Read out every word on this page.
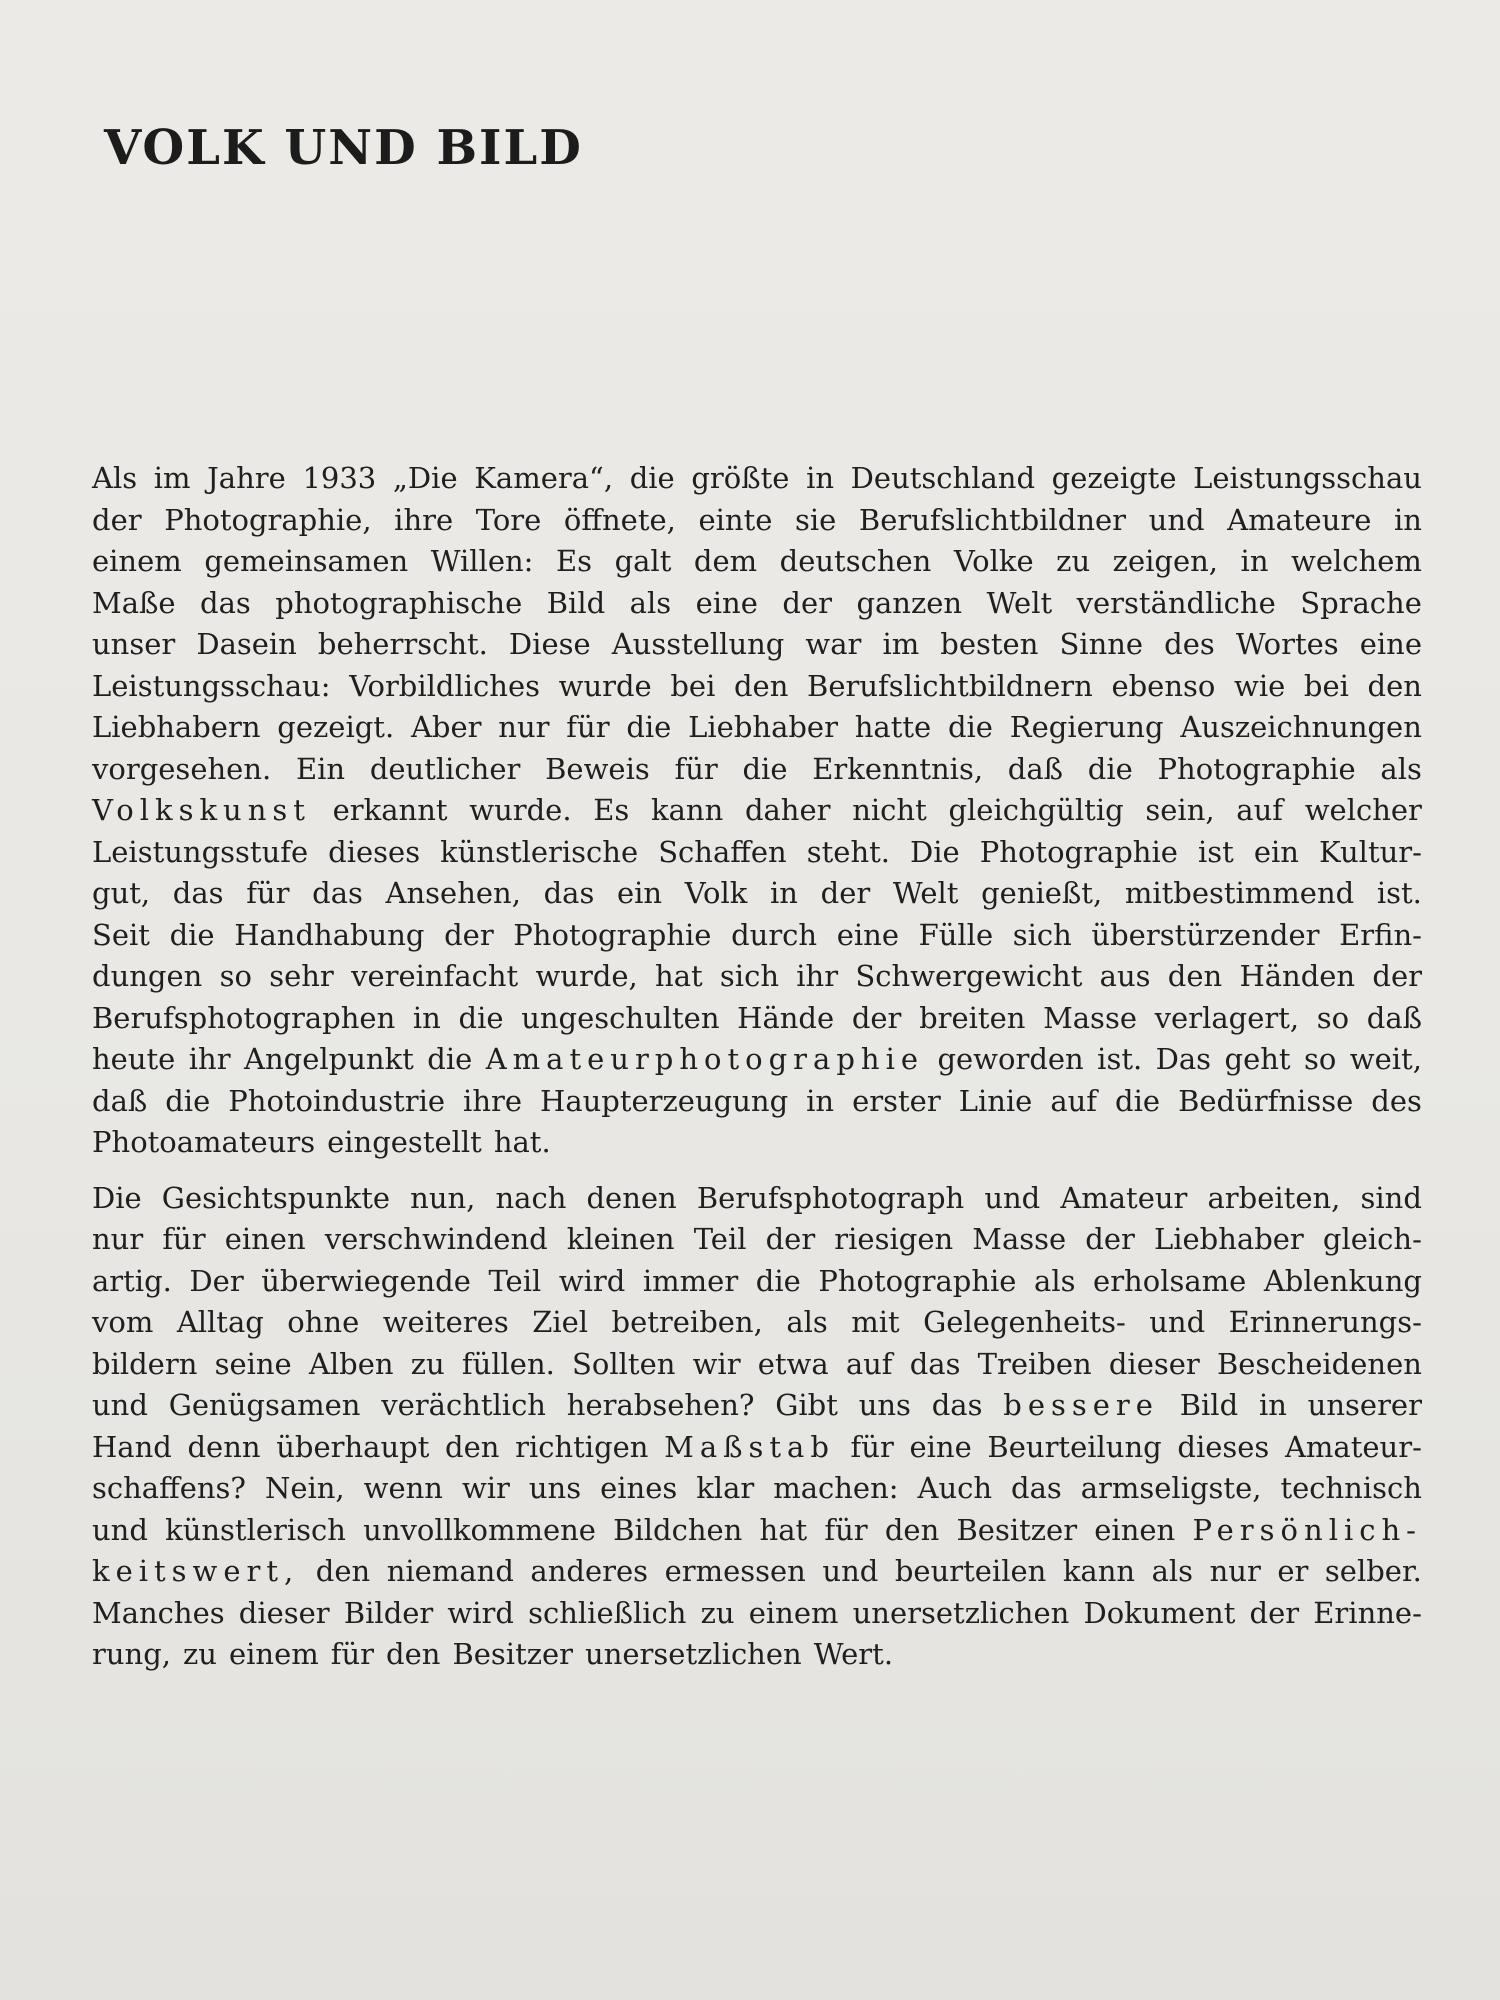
VOLK UND BILD
Als im Jahre 1933 „Die Kamera“, die größte in Deutschland gezeigte Leistungsschau
der Photographie, ihre Tore öffnete, einte sie Berufslichtbildner und Amateure in
einem gemeinsamen Willen: Es galt dem deutschen Volke zu zeigen, in welchem
Maße das photographische Bild als eine der ganzen Welt verständliche Sprache
unser Dasein beherrscht. Diese Ausstellung war im besten Sinne des Wortes eine
Leistungsschau: Vorbildliches wurde bei den Berufslichtbildnern ebenso wie bei den
Liebhabern gezeigt. Aber nur für die Liebhaber hatte die Regierung Auszeichnungen
vorgesehen. Ein deutlicher Beweis für die Erkenntnis, daß die Photographie als
Volkskunst erkannt wurde. Es kann daher nicht gleichgültig sein, auf welcher
Leistungsstufe dieses künstlerische Schaffen steht. Die Photographie ist ein Kultur-
gut, das für das Ansehen, das ein Volk in der Welt genießt, mitbestimmend ist.
Seit die Handhabung der Photographie durch eine Fülle sich überstürzender Erfin-
dungen so sehr vereinfacht wurde, hat sich ihr Schwergewicht aus den Händen der
Berufsphotographen in die ungeschulten Hände der breiten Masse verlagert, so daß
heute ihr Angelpunkt die Amateurphotographie geworden ist. Das geht so weit,
daß die Photoindustrie ihre Haupterzeugung in erster Linie auf die Bedürfnisse des
Photoamateurs eingestellt hat.
Die Gesichtspunkte nun, nach denen Berufsphotograph und Amateur arbeiten, sind
nur für einen verschwindend kleinen Teil der riesigen Masse der Liebhaber gleich-
artig. Der überwiegende Teil wird immer die Photographie als erholsame Ablenkung
vom Alltag ohne weiteres Ziel betreiben, als mit Gelegenheits- und Erinnerungs-
bildern seine Alben zu füllen. Sollten wir etwa auf das Treiben dieser Bescheidenen
und Genügsamen verächtlich herabsehen? Gibt uns das bessere Bild in unserer
Hand denn überhaupt den richtigen Maßstab für eine Beurteilung dieses Amateur-
schaffens? Nein, wenn wir uns eines klar machen: Auch das armseligste, technisch
und künstlerisch unvollkommene Bildchen hat für den Besitzer einen Persönlich-
keitswert, den niemand anderes ermessen und beurteilen kann als nur er selber.
Manches dieser Bilder wird schließlich zu einem unersetzlichen Dokument der Erinne-
rung, zu einem für den Besitzer unersetzlichen Wert.
